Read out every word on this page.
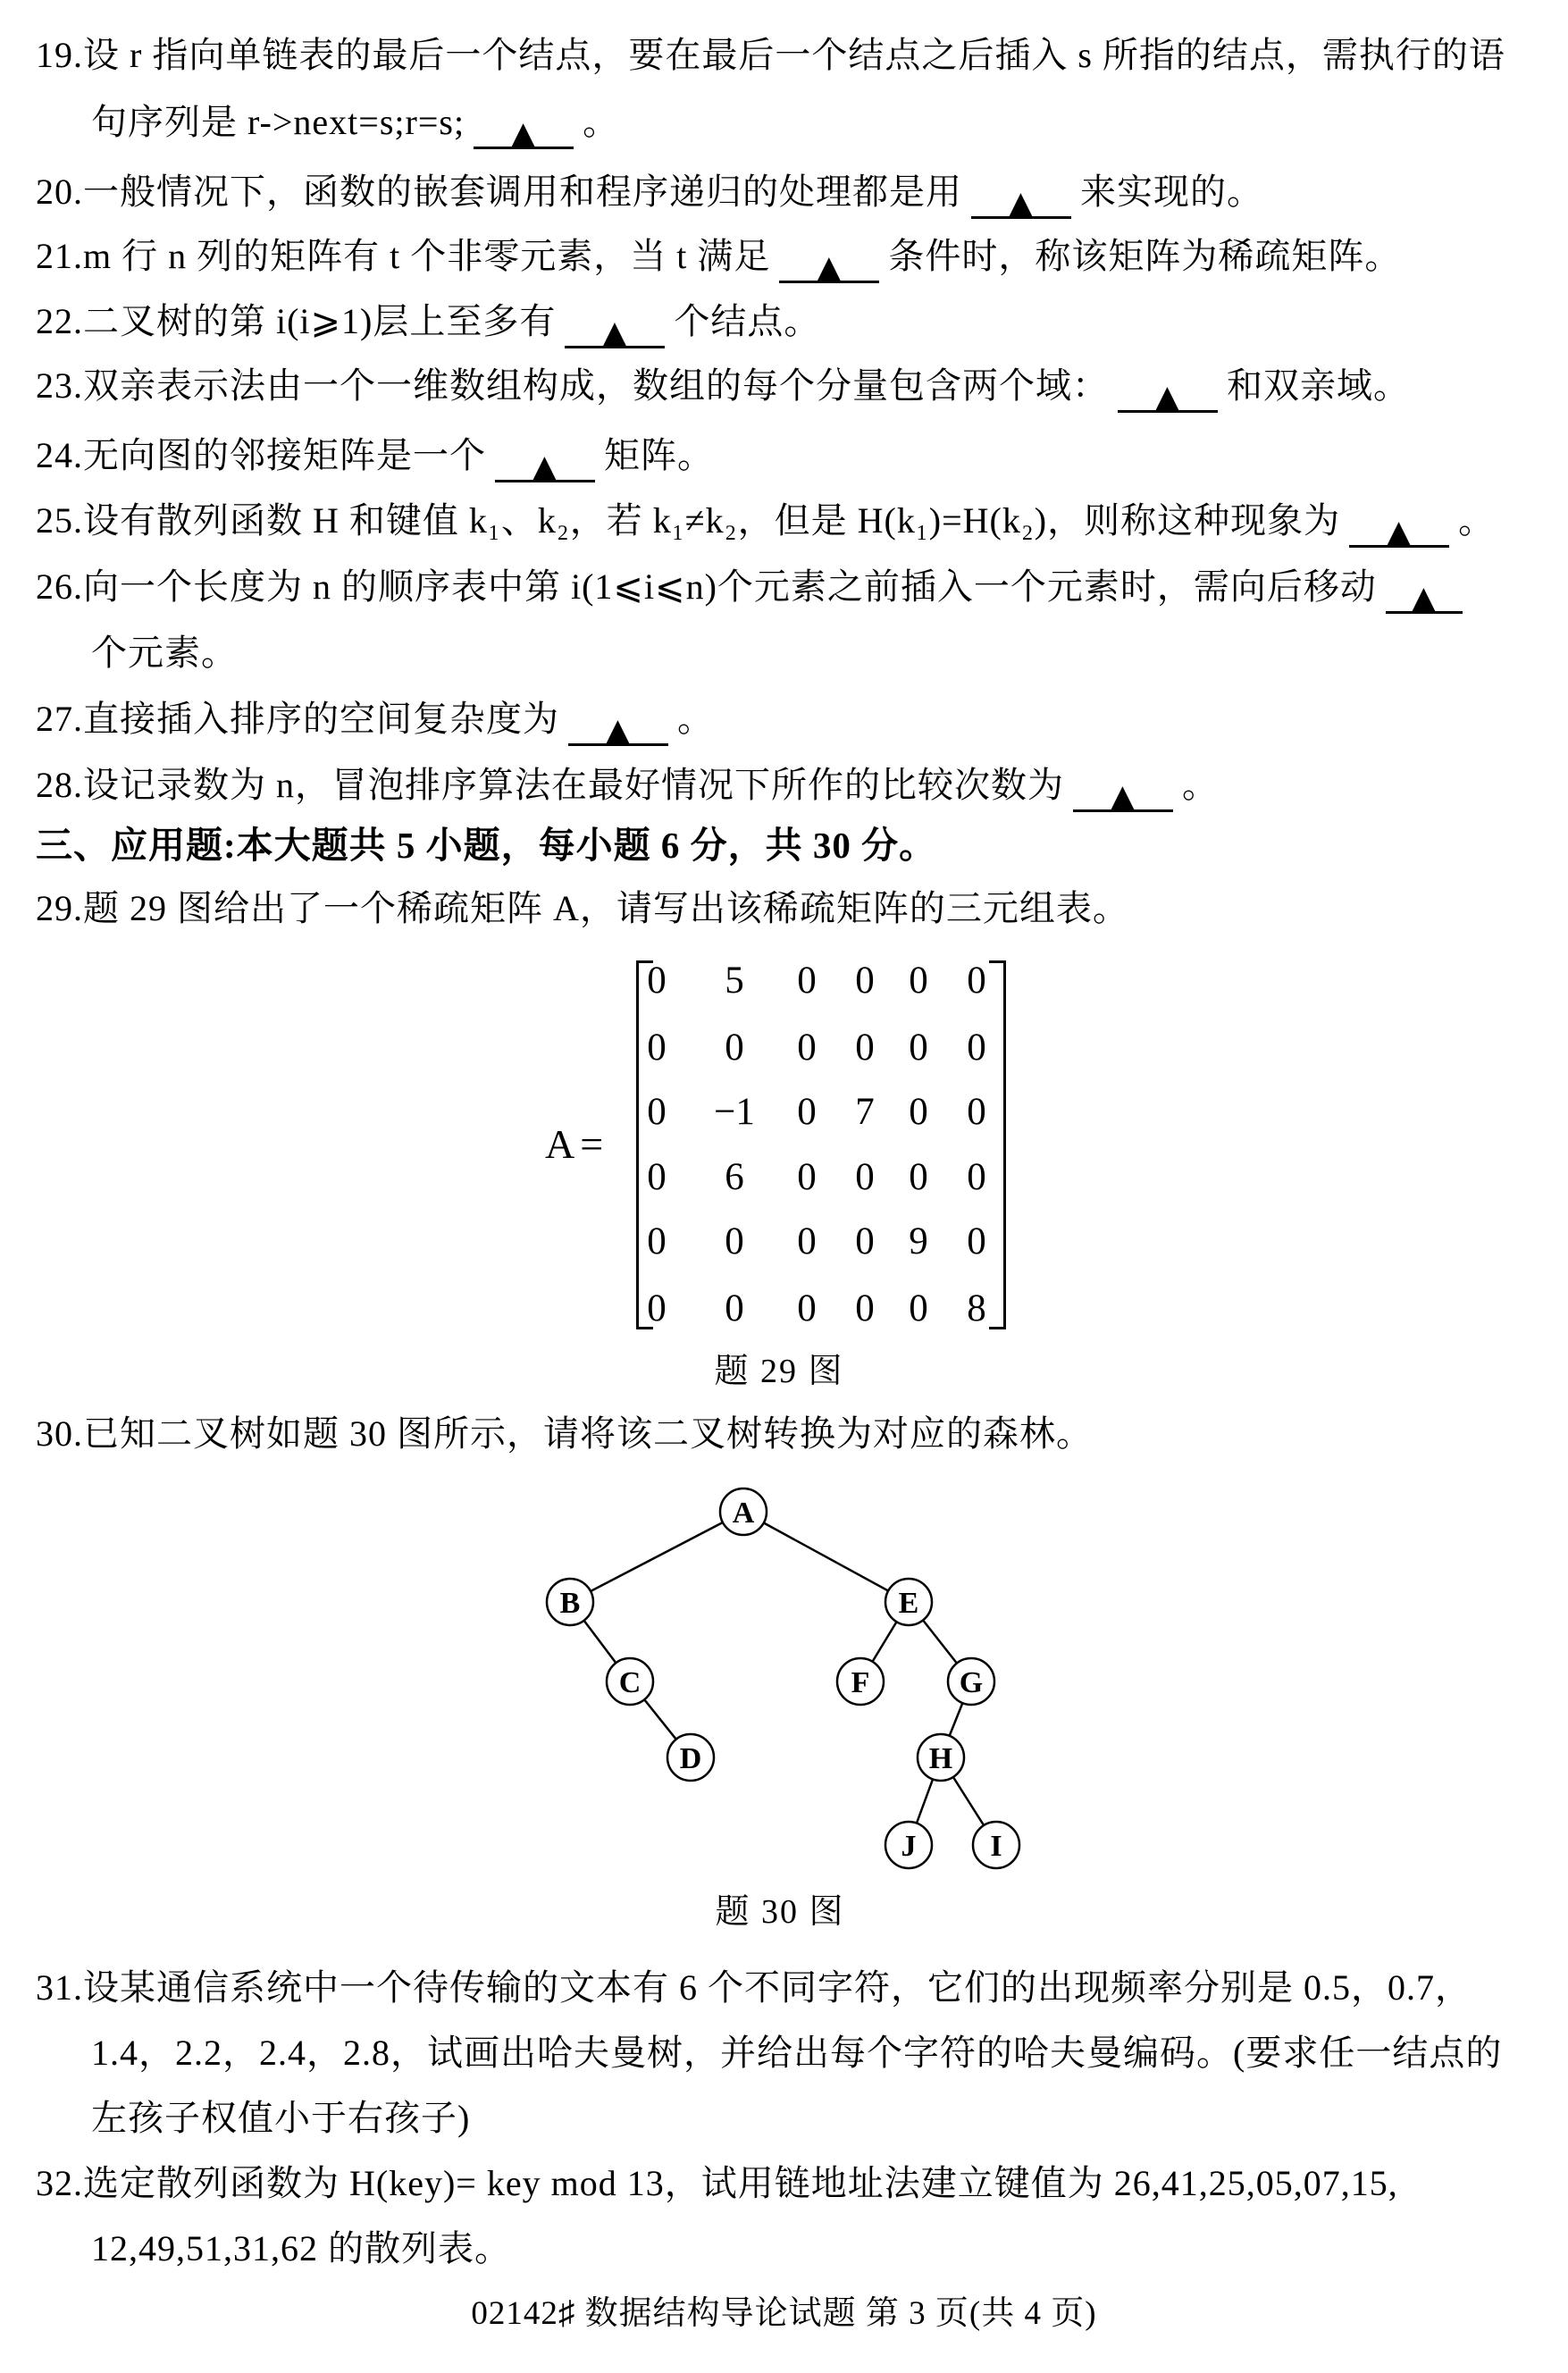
19.设 r 指向单链表的最后一个结点，要在最后一个结点之后插入 s 所指的结点，需执行的语
句序列是 r->next=s;r=s; ▲ 。
20.一般情况下，函数的嵌套调用和程序递归的处理都是用 ▲ 来实现的。
21.m 行 n 列的矩阵有 t 个非零元素，当 t 满足 ▲ 条件时，称该矩阵为稀疏矩阵。
22.二叉树的第 i(i⩾1)层上至多有 ▲ 个结点。
23.双亲表示法由一个一维数组构成，数组的每个分量包含两个域： ▲ 和双亲域。
24.无向图的邻接矩阵是一个 ▲ 矩阵。
25.设有散列函数 H 和键值 k₁、k₂，若 k₁≠k₂，但是 H(k₁)=H(k₂)，则称这种现象为 ▲ 。
26.向一个长度为 n 的顺序表中第 i(1⩽i⩽n)个元素之前插入一个元素时，需向后移动 ▲
个元素。
27.直接插入排序的空间复杂度为 ▲ 。
28.设记录数为 n，冒泡排序算法在最好情况下所作的比较次数为 ▲ 。
三、应用题:本大题共 5 小题，每小题 6 分，共 30 分。
29.题 29 图给出了一个稀疏矩阵 A，请写出该稀疏矩阵的三元组表。
A=
0	5	0	0 0	0
0	0	0	0 0	0
0	−1	0	7 0	0
0	6	0	0 0	0
0	0	0	0 9	0
0	0	0	0 0	8
题 29 图
30.已知二叉树如题 30 图所示，请将该二叉树转换为对应的森林。
A
B	E
C	F	G
D	H
J I
题 30 图
31.设某通信系统中一个待传输的文本有 6 个不同字符，它们的出现频率分别是 0.5，0.7，
1.4，2.2，2.4，2.8，试画出哈夫曼树，并给出每个字符的哈夫曼编码。(要求任一结点的
左孩子权值小于右孩子)
32.选定散列函数为 H(key)= key mod 13，试用链地址法建立键值为 26,41,25,05,07,15,
12,49,51,31,62 的散列表。
02142♯ 数据结构导论试题 第 3 页(共 4 页)
